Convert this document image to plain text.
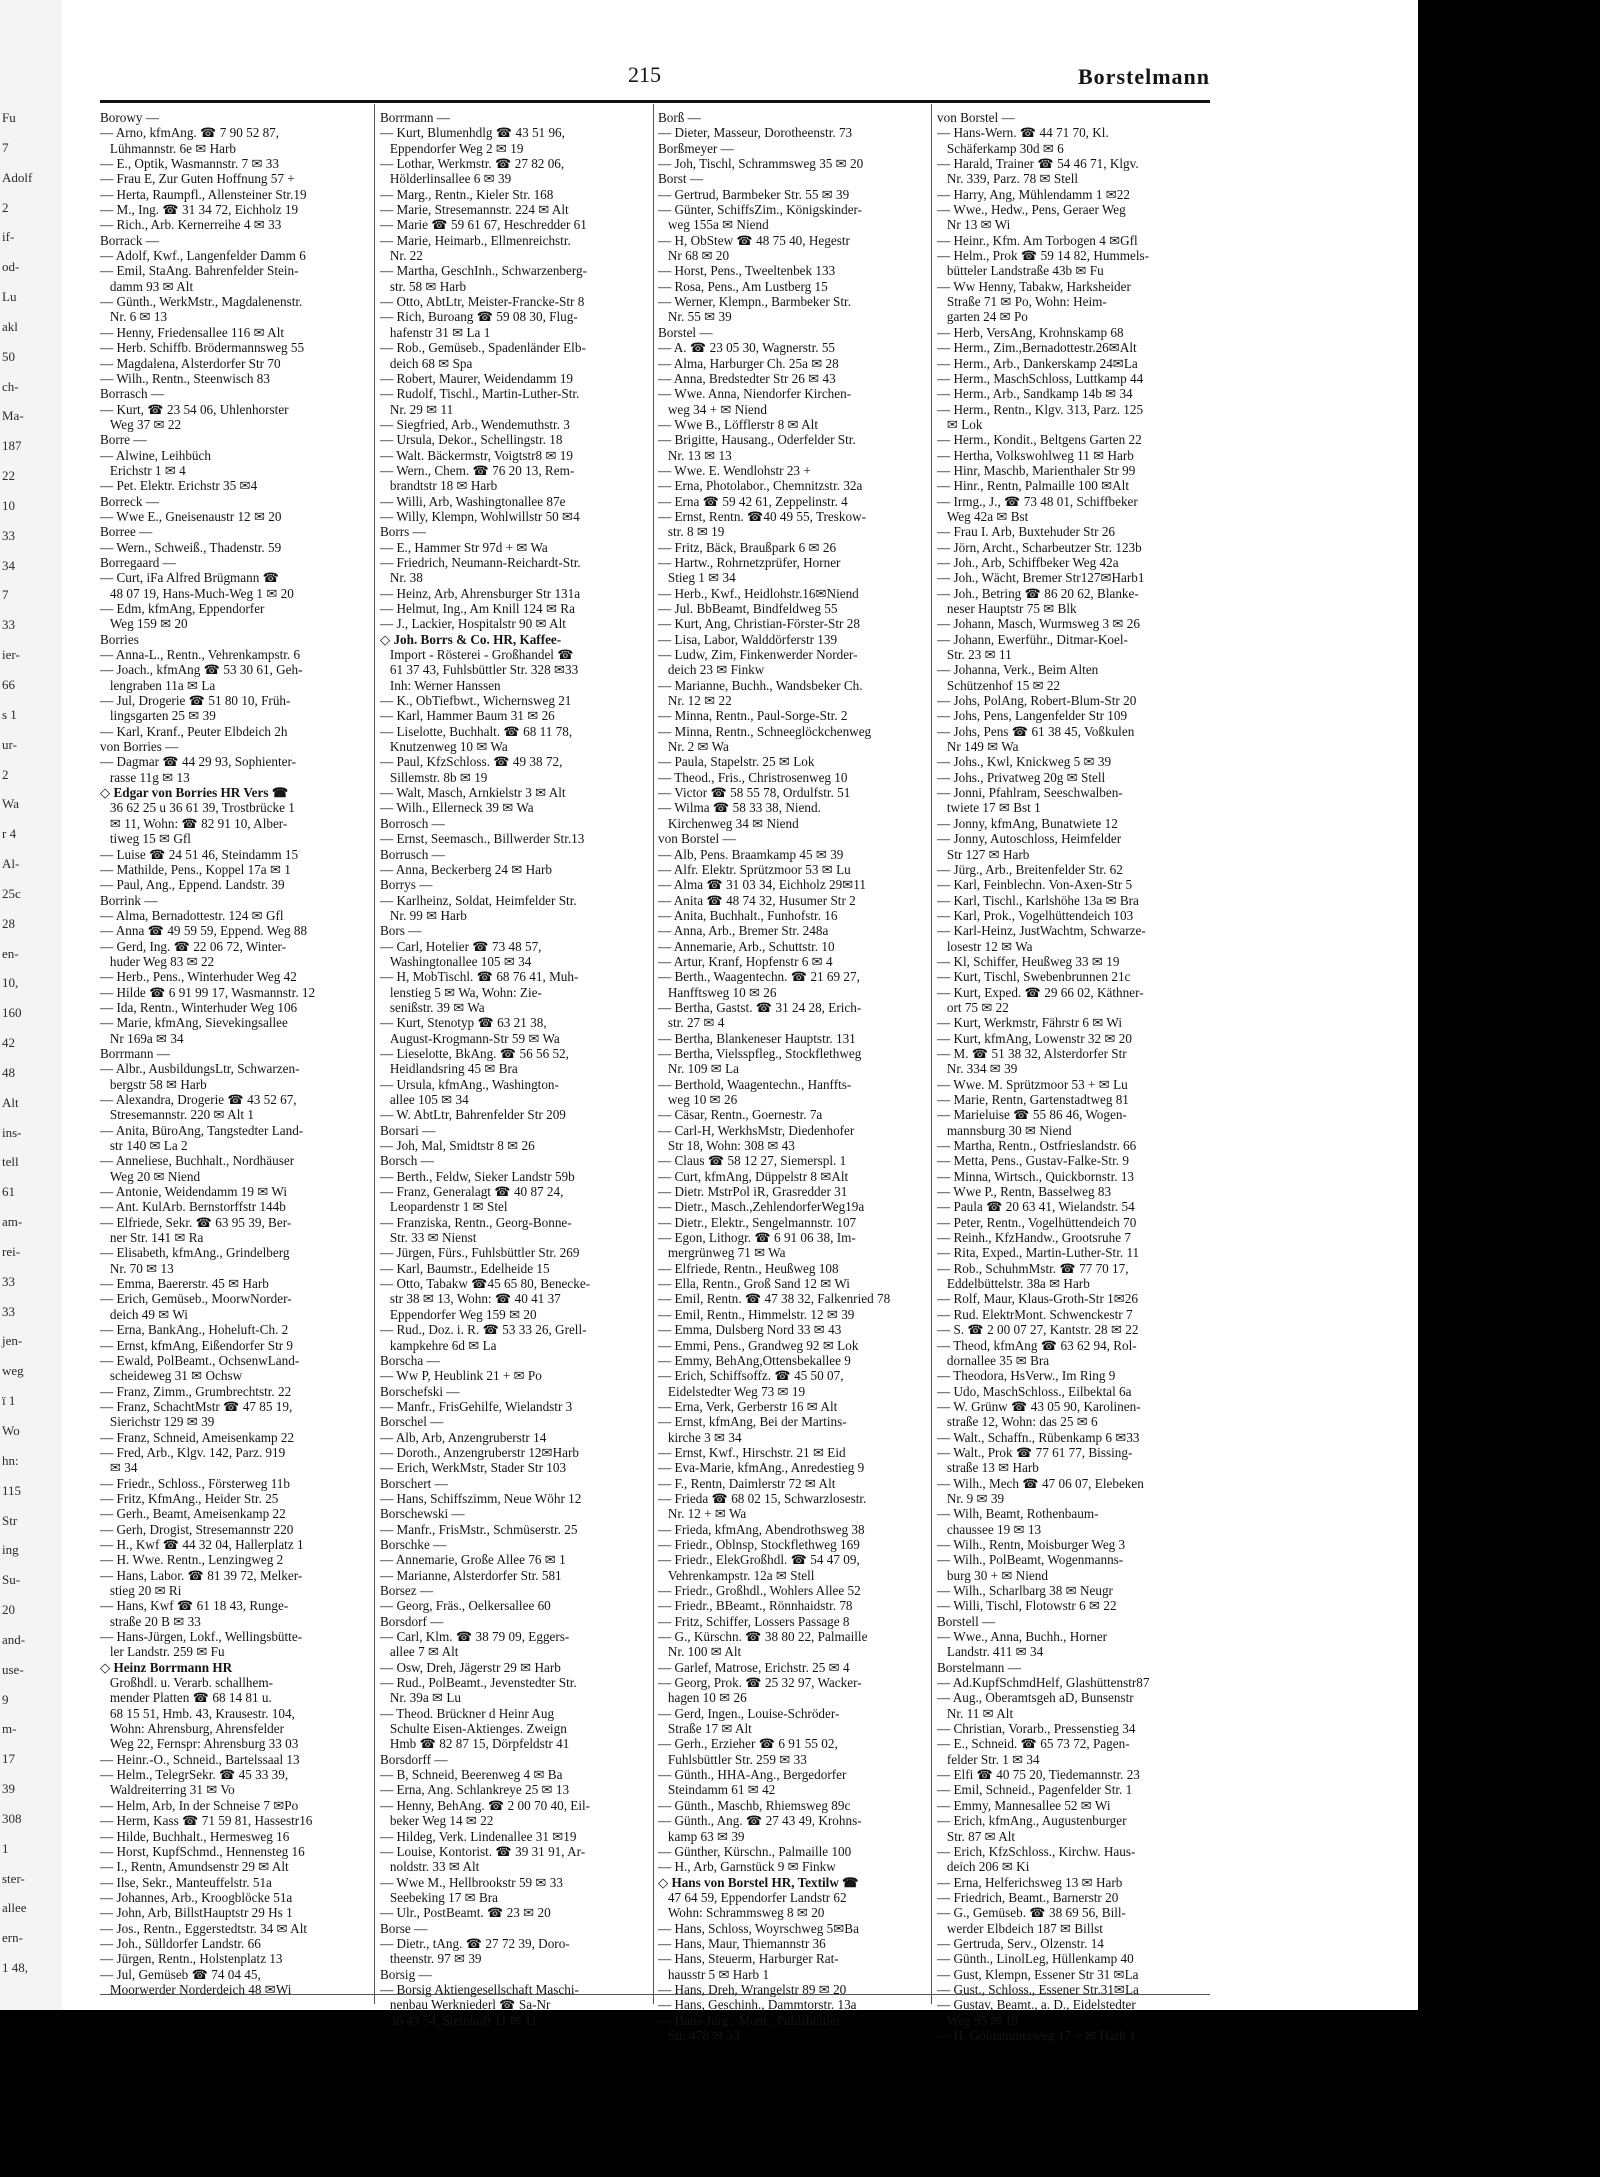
Fu
7
Adolf
2
if-
od-
Lu
akl
50
ch-
Ma-
187
22
10
33
34
7
33
ier-
66
s 1
ur-
2
Wa
r 4
Al-
25c
28
en-
10,
160
42
48
Alt
ins-
tell
61
am-
rei-
33
33
jen-
weg
ï 1
Wo
hn:
115
Str
ing
Su-
20
and-
use-
9
m-
17
39
308
1
ster-
allee
ern-
1 48,
215	Borstelmann
Borowy —
— Arno, kfmAng. ☎ 7 90 52 87,
Lühmannstr. 6e ✉ Harb
— E., Optik, Wasmannstr. 7 ✉ 33
— Frau E, Zur Guten Hoffnung 57 +
— Herta, Raumpfl., Allensteiner Str.19
— M., Ing. ☎ 31 34 72, Eichholz 19
— Rich., Arb. Kernerreihe 4 ✉ 33
Borrack —
— Adolf, Kwf., Langenfelder Damm 6
— Emil, StaAng. Bahrenfelder Stein-
damm 93 ✉ Alt
— Günth., WerkMstr., Magdalenenstr.
Nr. 6 ✉ 13
— Henny, Friedensallee 116 ✉ Alt
— Herb. Schiffb. Brödermannsweg 55
— Magdalena, Alsterdorfer Str 70
— Wilh., Rentn., Steenwisch 83
Borrasch —
— Kurt, ☎ 23 54 06, Uhlenhorster
Weg 37 ✉ 22
Borre —
— Alwine, Leihbüch
Erichstr 1 ✉ 4
— Pet. Elektr. Erichstr 35 ✉4
Borreck —
— Wwe E., Gneisenaustr 12 ✉ 20
Borree —
— Wern., Schweiß., Thadenstr. 59
Borregaard —
— Curt, iFa Alfred Brügmann ☎
48 07 19, Hans-Much-Weg 1 ✉ 20
— Edm, kfmAng, Eppendorfer
Weg 159 ✉ 20
Borries
— Anna-L., Rentn., Vehrenkampstr. 6
— Joach., kfmAng ☎ 53 30 61, Geh-
lengraben 11a ✉ La
— Jul, Drogerie ☎ 51 80 10, Früh-
lingsgarten 25 ✉ 39
— Karl, Kranf., Peuter Elbdeich 2h
von Borries —
— Dagmar ☎ 44 29 93, Sophienter-
rasse 11g ✉ 13
◇ Edgar von Borries HR Vers ☎
36 62 25 u 36 61 39, Trostbrücke 1
✉ 11, Wohn: ☎ 82 91 10, Alber-
tiweg 15 ✉ Gfl
— Luise ☎ 24 51 46, Steindamm 15
— Mathilde, Pens., Koppel 17a ✉ 1
— Paul, Ang., Eppend. Landstr. 39
Borrink —
— Alma, Bernadottestr. 124 ✉ Gfl
— Anna ☎ 49 59 59, Eppend. Weg 88
— Gerd, Ing. ☎ 22 06 72, Winter-
huder Weg 83 ✉ 22
— Herb., Pens., Winterhuder Weg 42
— Hilde ☎ 6 91 99 17, Wasmannstr. 12
— Ida, Rentn., Winterhuder Weg 106
— Marie, kfmAng, Sievekingsallee
Nr 169a ✉ 34
Borrmann —
— Albr., AusbildungsLtr, Schwarzen-
bergstr 58 ✉ Harb
— Alexandra, Drogerie ☎ 43 52 67,
Stresemannstr. 220 ✉ Alt 1
— Anita, BüroAng, Tangstedter Land-
str 140 ✉ La 2
— Anneliese, Buchhalt., Nordhäuser
Weg 20 ✉ Niend
— Antonie, Weidendamm 19 ✉ Wi
— Ant. KulArb. Bernstorffstr 144b
— Elfriede, Sekr. ☎ 63 95 39, Ber-
ner Str. 141 ✉ Ra
— Elisabeth, kfmAng., Grindelberg
Nr. 70 ✉ 13
— Emma, Baererstr. 45 ✉ Harb
— Erich, Gemüseb., MoorwNorder-
deich 49 ✉ Wi
— Erna, BankAng., Hoheluft-Ch. 2
— Ernst, kfmAng, Eißendorfer Str 9
— Ewald, PolBeamt., OchsenwLand-
scheideweg 31 ✉ Ochsw
— Franz, Zimm., Grumbrechtstr. 22
— Franz, SchachtMstr ☎ 47 85 19,
Sierichstr 129 ✉ 39
— Franz, Schneid, Ameisenkamp 22
— Fred, Arb., Klgv. 142, Parz. 919
✉ 34
— Friedr., Schloss., Försterweg 11b
— Fritz, KfmAng., Heider Str. 25
— Gerh., Beamt, Ameisenkamp 22
— Gerh, Drogist, Stresemannstr 220
— H., Kwf ☎ 44 32 04, Hallerplatz 1
— H. Wwe. Rentn., Lenzingweg 2
— Hans, Labor. ☎ 81 39 72, Melker-
stieg 20 ✉ Ri
— Hans, Kwf ☎ 61 18 43, Runge-
straße 20 B ✉ 33
— Hans-Jürgen, Lokf., Wellingsbütte-
ler Landstr. 259 ✉ Fu
◇ Heinz Borrmann HR
Großhdl. u. Verarb. schallhem-
mender Platten ☎ 68 14 81 u.
68 15 51, Hmb. 43, Krausestr. 104,
Wohn: Ahrensburg, Ahrensfelder
Weg 22, Fernspr: Ahrensburg 33 03
— Heinr.-O., Schneid., Bartelssaal 13
— Helm., TelegrSekr. ☎ 45 33 39,
Waldreiterring 31 ✉ Vo
— Helm, Arb, In der Schneise 7 ✉Po
— Herm, Kass ☎ 71 59 81, Hassestr16
— Hilde, Buchhalt., Hermesweg 16
— Horst, KupfSchmd., Hennensteg 16
— I., Rentn, Amundsenstr 29 ✉ Alt
— Ilse, Sekr., Manteuffelstr. 51a
— Johannes, Arb., Kroogblöcke 51a
— John, Arb, BillstHauptstr 29 Hs 1
— Jos., Rentn., Eggerstedtstr. 34 ✉ Alt
— Joh., Sülldorfer Landstr. 66
— Jürgen, Rentn., Holstenplatz 13
— Jul, Gemüseb ☎ 74 04 45,
Moorwerder Norderdeich 48 ✉Wi
Borrmann —
— Kurt, Blumenhdlg ☎ 43 51 96,
Eppendorfer Weg 2 ✉ 19
— Lothar, Werkmstr. ☎ 27 82 06,
Hölderlinsallee 6 ✉ 39
— Marg., Rentn., Kieler Str. 168
— Marie, Stresemannstr. 224 ✉ Alt
— Marie ☎ 59 61 67, Heschredder 61
— Marie, Heimarb., Ellmenreichstr.
Nr. 22
— Martha, GeschInh., Schwarzenberg-
str. 58 ✉ Harb
— Otto, AbtLtr, Meister-Francke-Str 8
— Rich, Buroang ☎ 59 08 30, Flug-
hafenstr 31 ✉ La 1
— Rob., Gemüseb., Spadenländer Elb-
deich 68 ✉ Spa
— Robert, Maurer, Weidendamm 19
— Rudolf, Tischl., Martin-Luther-Str.
Nr. 29 ✉ 11
— Siegfried, Arb., Wendemuthstr. 3
— Ursula, Dekor., Schellingstr. 18
— Walt. Bäckermstr, Voigtstr8 ✉ 19
— Wern., Chem. ☎ 76 20 13, Rem-
brandtstr 18 ✉ Harb
— Willi, Arb, Washingtonallee 87e
— Willy, Klempn, Wohlwillstr 50 ✉4
Borrs —
— E., Hammer Str 97d + ✉ Wa
— Friedrich, Neumann-Reichardt-Str.
Nr. 38
— Heinz, Arb, Ahrensburger Str 131a
— Helmut, Ing., Am Knill 124 ✉ Ra
— J., Lackier, Hospitalstr 90 ✉ Alt
◇ Joh. Borrs & Co. HR, Kaffee-
Import - Rösterei - Großhandel ☎
61 37 43, Fuhlsbüttler Str. 328 ✉33
Inh: Werner Hanssen
— K., ObTiefbwt., Wichernsweg 21
— Karl, Hammer Baum 31 ✉ 26
— Liselotte, Buchhalt. ☎ 68 11 78,
Knutzenweg 10 ✉ Wa
— Paul, KfzSchloss. ☎ 49 38 72,
Sillemstr. 8b ✉ 19
— Walt, Masch, Arnkielstr 3 ✉ Alt
— Wilh., Ellerneck 39 ✉ Wa
Borrosch —
— Ernst, Seemasch., Billwerder Str.13
Borrusch —
— Anna, Beckerberg 24 ✉ Harb
Borrys —
— Karlheinz, Soldat, Heimfelder Str.
Nr. 99 ✉ Harb
Bors —
— Carl, Hotelier ☎ 73 48 57,
Washingtonallee 105 ✉ 34
— H, MobTischl. ☎ 68 76 41, Muh-
lenstieg 5 ✉ Wa, Wohn: Zie-
senißstr. 39 ✉ Wa
— Kurt, Stenotyp ☎ 63 21 38,
August-Krogmann-Str 59 ✉ Wa
— Lieselotte, BkAng. ☎ 56 56 52,
Heidlandsring 45 ✉ Bra
— Ursula, kfmAng., Washington-
allee 105 ✉ 34
— W. AbtLtr, Bahrenfelder Str 209
Borsari —
— Joh, Mal, Smidtstr 8 ✉ 26
Borsch —
— Berth., Feldw, Sieker Landstr 59b
— Franz, Generalagt ☎ 40 87 24,
Leopardenstr 1 ✉ Stel
— Franziska, Rentn., Georg-Bonne-
Str. 33 ✉ Nienst
— Jürgen, Fürs., Fuhlsbüttler Str. 269
— Karl, Baumstr., Edelheide 15
— Otto, Tabakw ☎45 65 80, Benecke-
str 38 ✉ 13, Wohn: ☎ 40 41 37
Eppendorfer Weg 159 ✉ 20
— Rud., Doz. i. R. ☎ 53 33 26, Grell-
kampkehre 6d ✉ La
Borscha —
— Ww P, Heublink 21 + ✉ Po
Borschefski —
— Manfr., FrisGehilfe, Wielandstr 3
Borschel —
— Alb, Arb, Anzengruberstr 14
— Doroth., Anzengruberstr 12✉Harb
— Erich, WerkMstr, Stader Str 103
Borschert —
— Hans, Schiffszimm, Neue Wöhr 12
Borschewski —
— Manfr., FrisMstr., Schmüserstr. 25
Borschke —
— Annemarie, Große Allee 76 ✉ 1
— Marianne, Alsterdorfer Str. 581
Borsez —
— Georg, Fräs., Oelkersallee 60
Borsdorf —
— Carl, Klm. ☎ 38 79 09, Eggers-
allee 7 ✉ Alt
— Osw, Dreh, Jägerstr 29 ✉ Harb
— Rud., PolBeamt., Jevenstedter Str.
Nr. 39a ✉ Lu
— Theod. Brückner d Heinr Aug
Schulte Eisen-Aktienges. Zweign
Hmb ☎ 82 87 15, Dörpfeldstr 41
Borsdorff —
— B, Schneid, Beerenweg 4 ✉ Ba
— Erna, Ang. Schlankreye 25 ✉ 13
— Henny, BehAng. ☎ 2 00 70 40, Eil-
beker Weg 14 ✉ 22
— Hildeg, Verk. Lindenallee 31 ✉19
— Louise, Kontorist. ☎ 39 31 91, Ar-
noldstr. 33 ✉ Alt
— Wwe M., Hellbrookstr 59 ✉ 33
Seebeking 17 ✉ Bra
— Ulr., PostBeamt. ☎ 23 ✉ 20
Borse —
— Dietr., tAng. ☎ 27 72 39, Doro-
theenstr. 97 ✉ 39
Borsig —
— Borsig Aktiengesellschaft Maschi-
nenbau Werkniederl ☎ Sa-Nr
36 43 54, Steinhöft 11 ✉ 11
Borß —
— Dieter, Masseur, Dorotheenstr. 73
Borßmeyer —
— Joh, Tischl, Schrammsweg 35 ✉ 20
Borst —
— Gertrud, Barmbeker Str. 55 ✉ 39
— Günter, SchiffsZim., Königskinder-
weg 155a ✉ Niend
— H, ObStew ☎ 48 75 40, Hegestr
Nr 68 ✉ 20
— Horst, Pens., Tweeltenbek 133
— Rosa, Pens., Am Lustberg 15
— Werner, Klempn., Barmbeker Str.
Nr. 55 ✉ 39
Borstel —
— A. ☎ 23 05 30, Wagnerstr. 55
— Alma, Harburger Ch. 25a ✉ 28
— Anna, Bredstedter Str 26 ✉ 43
— Wwe. Anna, Niendorfer Kirchen-
weg 34 + ✉ Niend
— Wwe B., Löfflerstr 8 ✉ Alt
— Brigitte, Hausang., Oderfelder Str.
Nr. 13 ✉ 13
— Wwe. E. Wendlohstr 23 +
— Erna, Photolabor., Chemnitzstr. 32a
— Erna ☎ 59 42 61, Zeppelinstr. 4
— Ernst, Rentn. ☎40 49 55, Treskow-
str. 8 ✉ 19
— Fritz, Bäck, Braußpark 6 ✉ 26
— Hartw., Rohrnetzprüfer, Horner
Stieg 1 ✉ 34
— Herb., Kwf., Heidlohstr.16✉Niend
— Jul. BbBeamt, Bindfeldweg 55
— Kurt, Ang, Christian-Förster-Str 28
— Lisa, Labor, Walddörferstr 139
— Ludw, Zim, Finkenwerder Norder-
deich 23 ✉ Finkw
— Marianne, Buchh., Wandsbeker Ch.
Nr. 12 ✉ 22
— Minna, Rentn., Paul-Sorge-Str. 2
— Minna, Rentn., Schneeglöckchenweg
Nr. 2 ✉ Wa
— Paula, Stapelstr. 25 ✉ Lok
— Theod., Fris., Christrosenweg 10
— Victor ☎ 58 55 78, Ordulfstr. 51
— Wilma ☎ 58 33 38, Niend.
Kirchenweg 34 ✉ Niend
von Borstel —
— Alb, Pens. Braamkamp 45 ✉ 39
— Alfr. Elektr. Sprützmoor 53 ✉ Lu
— Alma ☎ 31 03 34, Eichholz 29✉11
— Anita ☎ 48 74 32, Husumer Str 2
— Anita, Buchhalt., Funhofstr. 16
— Anna, Arb., Bremer Str. 248a
— Annemarie, Arb., Schuttstr. 10
— Artur, Kranf, Hopfenstr 6 ✉ 4
— Berth., Waagentechn. ☎ 21 69 27,
Hanfftsweg 10 ✉ 26
— Bertha, Gastst. ☎ 31 24 28, Erich-
str. 27 ✉ 4
— Bertha, Blankeneser Hauptstr. 131
— Bertha, Vielsspfleg., Stockflethweg
Nr. 109 ✉ La
— Berthold, Waagentechn., Hanffts-
weg 10 ✉ 26
— Cäsar, Rentn., Goernestr. 7a
— Carl-H, WerkhsMstr, Diedenhofer
Str 18, Wohn: 308 ✉ 43
— Claus ☎ 58 12 27, Siemerspl. 1
— Curt, kfmAng, Düppelstr 8 ✉Alt
— Dietr. MstrPol iR, Grasredder 31
— Dietr., Masch.,ZehlendorferWeg19a
— Dietr., Elektr., Sengelmannstr. 107
— Egon, Lithogr. ☎ 6 91 06 38, Im-
mergrünweg 71 ✉ Wa
— Elfriede, Rentn., Heußweg 108
— Ella, Rentn., Groß Sand 12 ✉ Wi
— Emil, Rentn. ☎ 47 38 32, Falkenried 78
— Emil, Rentn., Himmelstr. 12 ✉ 39
— Emma, Dulsberg Nord 33 ✉ 43
— Emmi, Pens., Grandweg 92 ✉ Lok
— Emmy, BehAng,Ottensbekallee 9
— Erich, Schiffsoffz. ☎ 45 50 07,
Eidelstedter Weg 73 ✉ 19
— Erna, Verk, Gerberstr 16 ✉ Alt
— Ernst, kfmAng, Bei der Martins-
kirche 3 ✉ 34
— Ernst, Kwf., Hirschstr. 21 ✉ Eid
— Eva-Marie, kfmAng., Anredestieg 9
— F., Rentn, Daimlerstr 72 ✉ Alt
— Frieda ☎ 68 02 15, Schwarzlosestr.
Nr. 12 + ✉ Wa
— Frieda, kfmAng, Abendrothsweg 38
— Friedr., Oblnsp, Stockflethweg 169
— Friedr., ElekGroßhdl. ☎ 54 47 09,
Vehrenkampstr. 12a ✉ Stell
— Friedr., Großhdl., Wohlers Allee 52
— Friedr., BBeamt., Rönnhaidstr. 78
— Fritz, Schiffer, Lossers Passage 8
— G., Kürschn. ☎ 38 80 22, Palmaille
Nr. 100 ✉ Alt
— Garlef, Matrose, Erichstr. 25 ✉ 4
— Georg, Prok. ☎ 25 32 97, Wacker-
hagen 10 ✉ 26
— Gerd, Ingen., Louise-Schröder-
Straße 17 ✉ Alt
— Gerh., Erzieher ☎ 6 91 55 02,
Fuhlsbüttler Str. 259 ✉ 33
— Günth., HHA-Ang., Bergedorfer
Steindamm 61 ✉ 42
— Günth., Maschb, Rhiemsweg 89c
— Günth., Ang. ☎ 27 43 49, Krohns-
kamp 63 ✉ 39
— Günther, Kürschn., Palmaille 100
— H., Arb, Garnstück 9 ✉ Finkw
◇ Hans von Borstel HR, Textilw ☎
47 64 59, Eppendorfer Landstr 62
Wohn: Schrammsweg 8 ✉ 20
— Hans, Schloss, Woyrschweg 5✉Ba
— Hans, Maur, Thiemannstr 36
— Hans, Steuerm, Harburger Rat-
hausstr 5 ✉ Harb 1
— Hans, Dreh, Wrangelstr 89 ✉ 20
— Hans, Geschinh., Dammtorstr. 13a
— Hans-Jürg., Mont., Puhlsbüttler
Str. 478 ✉ 33
von Borstel —
— Hans-Wern. ☎ 44 71 70, Kl.
Schäferkamp 30d ✉ 6
— Harald, Trainer ☎ 54 46 71, Klgv.
Nr. 339, Parz. 78 ✉ Stell
— Harry, Ang, Mühlendamm 1 ✉22
— Wwe., Hedw., Pens, Geraer Weg
Nr 13 ✉ Wi
— Heinr., Kfm. Am Torbogen 4 ✉Gfl
— Helm., Prok ☎ 59 14 82, Hummels-
bütteler Landstraße 43b ✉ Fu
— Ww Henny, Tabakw, Harksheider
Straße 71 ✉ Po, Wohn: Heim-
garten 24 ✉ Po
— Herb, VersAng, Krohnskamp 68
— Herm., Zim.,Bernadottestr.26✉Alt
— Herm., Arb., Dankerskamp 24✉La
— Herm., MaschSchloss, Luttkamp 44
— Herm., Arb., Sandkamp 14b ✉ 34
— Herm., Rentn., Klgv. 313, Parz. 125
✉ Lok
— Herm., Kondit., Beltgens Garten 22
— Hertha, Volkswohlweg 11 ✉ Harb
— Hinr, Maschb, Marienthaler Str 99
— Hinr., Rentn, Palmaille 100 ✉Alt
— Irmg., J., ☎ 73 48 01, Schiffbeker
Weg 42a ✉ Bst
— Frau I. Arb, Buxtehuder Str 26
— Jörn, Archt., Scharbeutzer Str. 123b
— Joh., Arb, Schiffbeker Weg 42a
— Joh., Wächt, Bremer Str127✉Harb1
— Joh., Betring ☎ 86 20 62, Blanke-
neser Hauptstr 75 ✉ Blk
— Johann, Masch, Wurmsweg 3 ✉ 26
— Johann, Ewerführ., Ditmar-Koel-
Str. 23 ✉ 11
— Johanna, Verk., Beim Alten
Schützenhof 15 ✉ 22
— Johs, PolAng, Robert-Blum-Str 20
— Johs, Pens, Langenfelder Str 109
— Johs, Pens ☎ 61 38 45, Voßkulen
Nr 149 ✉ Wa
— Johs., Kwl, Knickweg 5 ✉ 39
— Johs., Privatweg 20g ✉ Stell
— Jonni, Pfahlram, Seeschwalben-
twiete 17 ✉ Bst 1
— Jonny, kfmAng, Bunatwiete 12
— Jonny, Autoschloss, Heimfelder
Str 127 ✉ Harb
— Jürg., Arb., Breitenfelder Str. 62
— Karl, Feinblechn. Von-Axen-Str 5
— Karl, Tischl., Karlshöhe 13a ✉ Bra
— Karl, Prok., Vogelhüttendeich 103
— Karl-Heinz, JustWachtm, Schwarze-
losestr 12 ✉ Wa
— Kl, Schiffer, Heußweg 33 ✉ 19
— Kurt, Tischl, Swebenbrunnen 21c
— Kurt, Exped. ☎ 29 66 02, Käthner-
ort 75 ✉ 22
— Kurt, Werkmstr, Fährstr 6 ✉ Wi
— Kurt, kfmAng, Lowenstr 32 ✉ 20
— M. ☎ 51 38 32, Alsterdorfer Str
Nr. 334 ✉ 39
— Wwe. M. Sprützmoor 53 + ✉ Lu
— Marie, Rentn, Gartenstadtweg 81
— Marieluise ☎ 55 86 46, Wogen-
mannsburg 30 ✉ Niend
— Martha, Rentn., Ostfrieslandstr. 66
— Metta, Pens., Gustav-Falke-Str. 9
— Minna, Wirtsch., Quickbornstr. 13
— Wwe P., Rentn, Basselweg 83
— Paula ☎ 20 63 41, Wielandstr. 54
— Peter, Rentn., Vogelhüttendeich 70
— Reinh., KfzHandw., Grootsruhe 7
— Rita, Exped., Martin-Luther-Str. 11
— Rob., SchuhmMstr. ☎ 77 70 17,
Eddelbüttelstr. 38a ✉ Harb
— Rolf, Maur, Klaus-Groth-Str 1✉26
— Rud. ElektrMont. Schwenckestr 7
— S. ☎ 2 00 07 27, Kantstr. 28 ✉ 22
— Theod, kfmAng ☎ 63 62 94, Rol-
dornallee 35 ✉ Bra
— Theodora, HsVerw., Im Ring 9
— Udo, MaschSchloss., Eilbektal 6a
— W. Grünw ☎ 43 05 90, Karolinen-
straße 12, Wohn: das 25 ✉ 6
— Walt., Schaffn., Rübenkamp 6 ✉33
— Walt., Prok ☎ 77 61 77, Bissing-
straße 13 ✉ Harb
— Wilh., Mech ☎ 47 06 07, Elebeken
Nr. 9 ✉ 39
— Wilh, Beamt, Rothenbaum-
chaussee 19 ✉ 13
— Wilh., Rentn, Moisburger Weg 3
— Wilh., PolBeamt, Wogenmanns-
burg 30 + ✉ Niend
— Wilh., Scharlbarg 38 ✉ Neugr
— Willi, Tischl, Flotowstr 6 ✉ 22
Borstell —
— Wwe., Anna, Buchh., Horner
Landstr. 411 ✉ 34
Borstelmann —
— Ad.KupfSchmdHelf, Glashüttenstr87
— Aug., Oberamtsgeh aD, Bunsenstr
Nr. 11 ✉ Alt
— Christian, Vorarb., Pressenstieg 34
— E., Schneid. ☎ 65 73 72, Pagen-
felder Str. 1 ✉ 34
— Elfi ☎ 40 75 20, Tiedemannstr. 23
— Emil, Schneid., Pagenfelder Str. 1
— Emmy, Mannesallee 52 ✉ Wi
— Erich, kfmAng., Augustenburger
Str. 87 ✉ Alt
— Erich, KfzSchloss., Kirchw. Haus-
deich 206 ✉ Ki
— Erna, Helferichsweg 13 ✉ Harb
— Friedrich, Beamt., Barnerstr 20
— G., Gemüseb. ☎ 38 69 56, Bill-
werder Elbdeich 187 ✉ Billst
— Gertruda, Serv., Olzenstr. 14
— Günth., LinolLeg, Hüllenkamp 40
— Gust, Klempn, Essener Str 31 ✉La
— Gust., Schloss., Essener Str.31✉La
— Gustav, Beamt., a. D., Eidelstedter
Weg 95 ✉ 19
— H. Goldammerweg 17 + ✉ Harb 1
